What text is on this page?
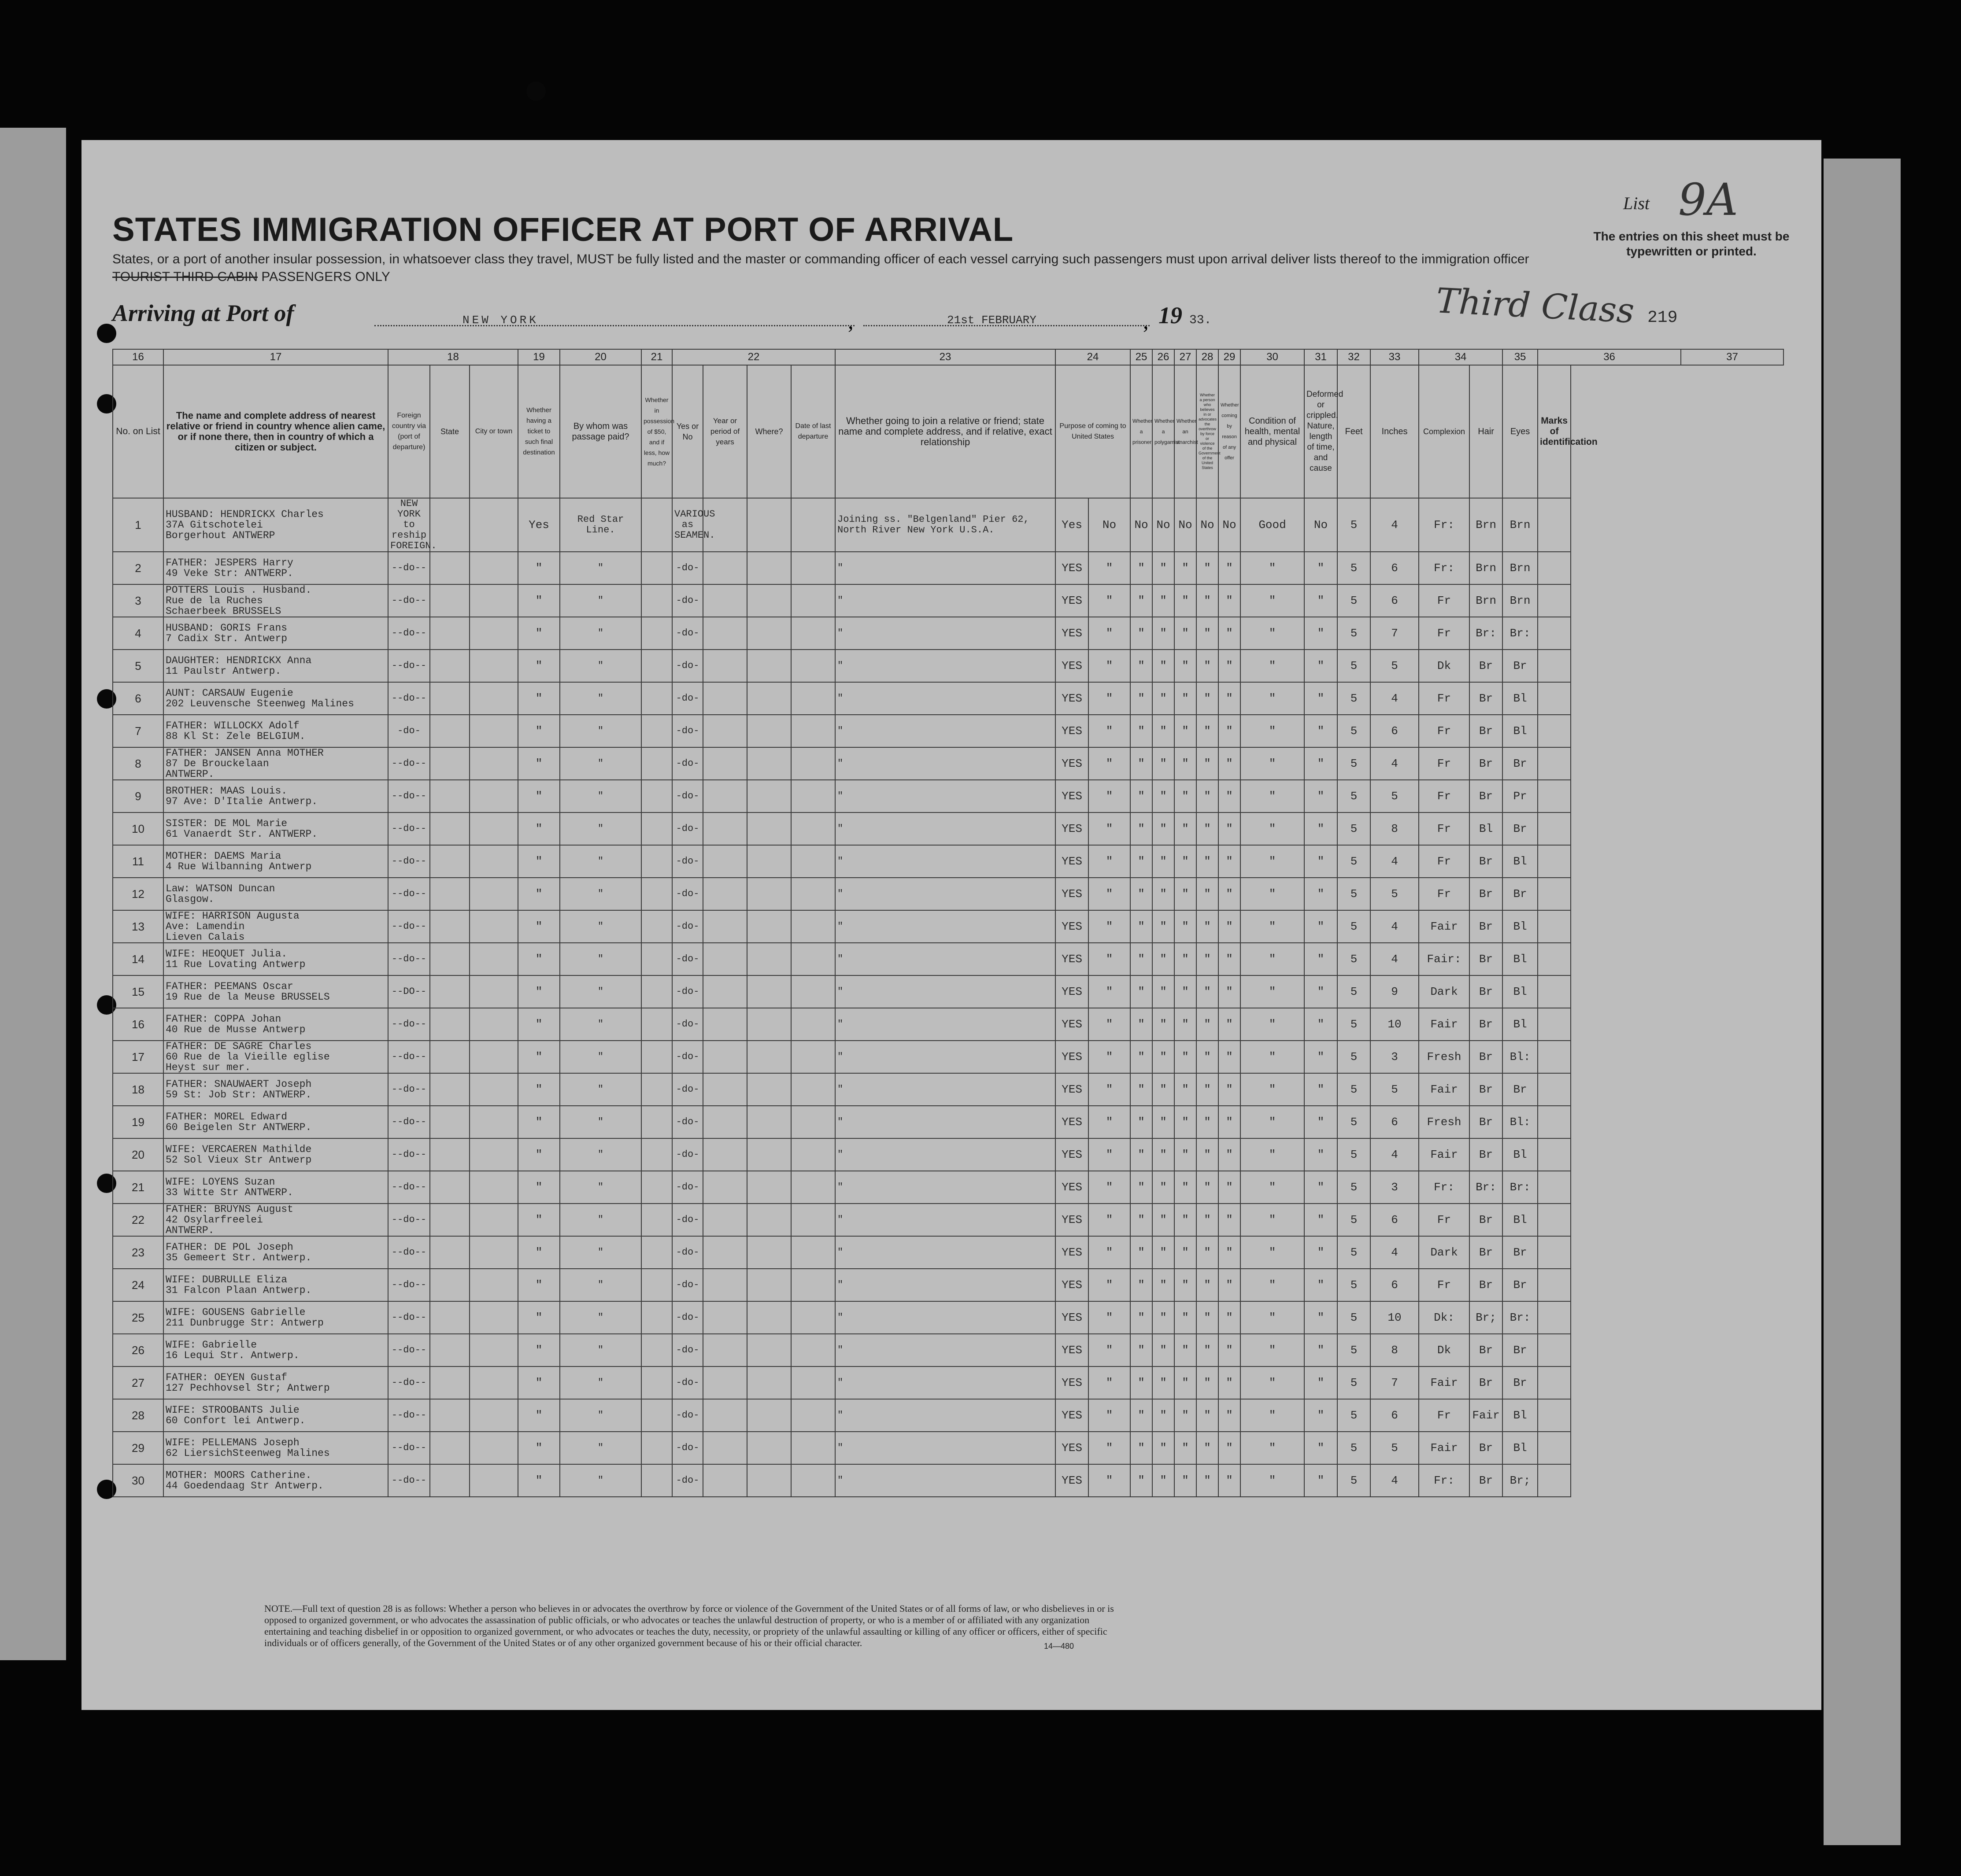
STATES IMMIGRATION OFFICER AT PORT OF ARRIVAL
States, or a port of another insular possession, in whatsoever class they travel, MUST be fully listed and the master or commanding officer of each vessel carrying such passengers must upon arrival deliver lists thereof to the immigration officer
TOURIST THIRD CABIN PASSENGERS ONLY
Arriving at Port of	NEW YORK	,	21st FEBRUARY	, 19 33.	Third Class 219
List 9A
The entries on this sheet must be typewritten or printed.
16	17	18			19	20	21	22				23	24		25	26	27	28	29	30	31	32	33	34		35	36	37
No. on List	The name and complete address of nearest relative or friend in country whence alien came, or if none there, then in country of which a citizen or subject.	Foreign country via (port of departure)	State	City or town	Whether having a ticket to such final destination	By whom was passage paid?	Whether in possession of $50, and if less, how much?	Yes or No	Year or period of years	Where?	Date of last departure	Whether going to join a relative or friend; state name and complete address, and if relative, exact relationship	Purpose of coming to United States		Whether a prisoner	Whether a polygamist	Whether an anarchist	Whether a person who believes in or advocates the overthrow by force or violence of the Government of the United States	Whether coming by reason of any offer	Condition of health, mental and physical	Deformed or crippled. Nature, length of time, and cause	Feet	Inches	Complexion	Hair	Eyes	Marks of identification	
1	HUSBAND: HENDRICKX Charles
37A Gitschotelei
Borgerhout ANTWERP	NEW YORK to reship FOREIGN.			Yes	Red Star Line.		VARIOUS as SEAMEN.				Joining ss. "Belgenland" Pier 62, North River New York U.S.A.	Yes	No	No	No	No	No	No	Good	No	5	4	Fr:	Brn	Brn		
2	FATHER: JESPERS Harry
49 Veke Str: ANTWERP.	--do--			"	"		-do-				"	YES	"	"	"	"	"	"	"	"	5	6	Fr:	Brn	Brn		
3	POTTERS Louis . Husband.
Rue de la Ruches
Schaerbeek BRUSSELS	--do--			"	"		-do-				"	YES	"	"	"	"	"	"	"	"	5	6	Fr	Brn	Brn		
4	HUSBAND: GORIS Frans
7 Cadix Str. Antwerp	--do--			"	"		-do-				"	YES	"	"	"	"	"	"	"	"	5	7	Fr	Br:	Br:		
5	DAUGHTER: HENDRICKX Anna
11 Paulstr Antwerp.	--do--			"	"		-do-				"	YES	"	"	"	"	"	"	"	"	5	5	Dk	Br	Br		
6	AUNT: CARSAUW Eugenie
202 Leuvensche Steenweg Malines	--do--			"	"		-do-				"	YES	"	"	"	"	"	"	"	"	5	4	Fr	Br	Bl		
7	FATHER: WILLOCKX Adolf
88 Kl St: Zele BELGIUM.	-do-			"	"		-do-				"	YES	"	"	"	"	"	"	"	"	5	6	Fr	Br	Bl		
8	FATHER: JANSEN Anna MOTHER
87 De Brouckelaan
ANTWERP.	--do--			"	"		-do-				"	YES	"	"	"	"	"	"	"	"	5	4	Fr	Br	Br		
9	BROTHER: MAAS Louis.
97 Ave: D'Italie Antwerp.	--do--			"	"		-do-				"	YES	"	"	"	"	"	"	"	"	5	5	Fr	Br	Pr		
10	SISTER: DE MOL Marie
61 Vanaerdt Str. ANTWERP.	--do--			"	"		-do-				"	YES	"	"	"	"	"	"	"	"	5	8	Fr	Bl	Br		
11	MOTHER: DAEMS Maria
4 Rue Wilbanning Antwerp	--do--			"	"		-do-				"	YES	"	"	"	"	"	"	"	"	5	4	Fr	Br	Bl		
12	Law: WATSON Duncan
Glasgow.	--do--			"	"		-do-				"	YES	"	"	"	"	"	"	"	"	5	5	Fr	Br	Br		
13	WIFE: HARRISON Augusta
Ave: Lamendin
Lieven Calais	--do--			"	"		-do-				"	YES	"	"	"	"	"	"	"	"	5	4	Fair	Br	Bl		
14	WIFE: HEOQUET Julia.
11 Rue Lovating Antwerp	--do--			"	"		-do-				"	YES	"	"	"	"	"	"	"	"	5	4	Fair:	Br	Bl		
15	FATHER: PEEMANS Oscar
19 Rue de la Meuse BRUSSELS	--DO--			"	"		-do-				"	YES	"	"	"	"	"	"	"	"	5	9	Dark	Br	Bl		
16	FATHER: COPPA Johan
40 Rue de Musse Antwerp	--do--			"	"		-do-				"	YES	"	"	"	"	"	"	"	"	5	10	Fair	Br	Bl		
17	FATHER: DE SAGRE Charles
60 Rue de la Vieille eglise
Heyst sur mer.	--do--			"	"		-do-				"	YES	"	"	"	"	"	"	"	"	5	3	Fresh	Br	Bl:		
18	FATHER: SNAUWAERT Joseph
59 St: Job Str: ANTWERP.	--do--			"	"		-do-				"	YES	"	"	"	"	"	"	"	"	5	5	Fair	Br	Br		
19	FATHER: MOREL Edward
60 Beigelen Str ANTWERP.	--do--			"	"		-do-				"	YES	"	"	"	"	"	"	"	"	5	6	Fresh	Br	Bl:		
20	WIFE: VERCAEREN Mathilde
52 Sol Vieux Str Antwerp	--do--			"	"		-do-				"	YES	"	"	"	"	"	"	"	"	5	4	Fair	Br	Bl		
21	WIFE: LOYENS Suzan
33 Witte Str ANTWERP.	--do--			"	"		-do-				"	YES	"	"	"	"	"	"	"	"	5	3	Fr:	Br:	Br:		
22	FATHER: BRUYNS August
42 Osylarfreelei
ANTWERP.	--do--			"	"		-do-				"	YES	"	"	"	"	"	"	"	"	5	6	Fr	Br	Bl		
23	FATHER: DE POL Joseph
35 Gemeert Str. Antwerp.	--do--			"	"		-do-				"	YES	"	"	"	"	"	"	"	"	5	4	Dark	Br	Br		
24	WIFE: DUBRULLE Eliza
31 Falcon Plaan Antwerp.	--do--			"	"		-do-				"	YES	"	"	"	"	"	"	"	"	5	6	Fr	Br	Br		
25	WIFE: GOUSENS Gabrielle
211 Dunbrugge Str: Antwerp	--do--			"	"		-do-				"	YES	"	"	"	"	"	"	"	"	5	10	Dk:	Br;	Br:		
26	WIFE: Gabrielle
16 Lequi Str. Antwerp.	--do--			"	"		-do-				"	YES	"	"	"	"	"	"	"	"	5	8	Dk	Br	Br		
27	FATHER: OEYEN Gustaf
127 Pechhovsel Str; Antwerp	--do--			"	"		-do-				"	YES	"	"	"	"	"	"	"	"	5	7	Fair	Br	Br		
28	WIFE: STROOBANTS Julie
60 Confort lei Antwerp.	--do--			"	"		-do-				"	YES	"	"	"	"	"	"	"	"	5	6	Fr	Fair	Bl		
29	WIFE: PELLEMANS Joseph
62 LiersichSteenweg Malines	--do--			"	"		-do-				"	YES	"	"	"	"	"	"	"	"	5	5	Fair	Br	Bl		
30	MOTHER: MOORS Catherine.
44 Goedendaag Str Antwerp.	--do--			"	"		-do-				"	YES	"	"	"	"	"	"	"	"	5	4	Fr:	Br	Br;		
NOTE.—Full text of question 28 is as follows: Whether a person who believes in or advocates the overthrow by force or violence of the Government of the United States or of all forms of law, or who disbelieves in or is opposed to organized government, or who advocates the assassination of public officials, or who advocates or teaches the unlawful destruction of property, or who is a member of or affiliated with any organization entertaining and teaching disbelief in or opposition to organized government, or who advocates or teaches the duty, necessity, or propriety of the unlawful assaulting or killing of any officer or officers, either of specific individuals or of officers generally, of the Government of the United States or of any other organized government because of his or their official character.	14—480
